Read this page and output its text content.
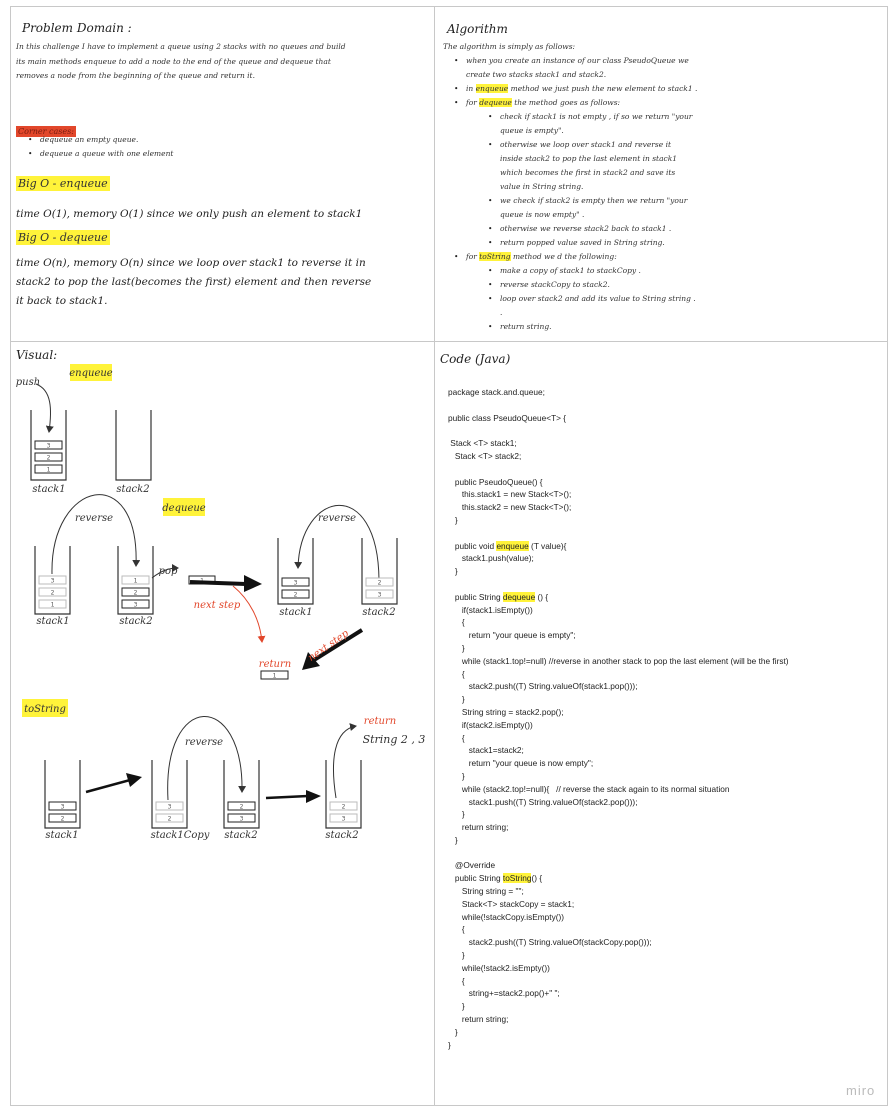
Problem Domain :
In this challenge I have to implement a queue using 2 stacks with no queues and build its main methods enqueue to add a node to the end of the queue and dequeue that removes a node from the beginning of the queue and return it.
Corner cases:
• dequeue an empty queue.
• dequeue a queue with one element
Big O - enqueue
time O(1), memory O(1) since we only push an element to stack1
Big O - dequeue
time O(n), memory O(n) since we loop over stack1 to reverse it in stack2 to pop the last(becomes the first) element and then reverse it back to stack1.
Algorithm
The algorithm is simply as follows:
• when you create an instance of our class PseudoQueue we create two stacks stack1 and stack2.
• in enqueue method we just push the new element to stack1 .
• for dequeue the method goes as follows:
• check if stack1 is not empty , if so we return "your queue is empty".
• otherwise we loop over stack1 and reverse it inside stack2 to pop the last element in stack1 which becomes the first in stack2 and save its value in String string.
• we check if stack2 is empty then we return "your queue is now empty" .
• otherwise we reverse stack2 back to stack1 .
• return popped value saved in String string.
• for toString method we d the following:
• make a copy of stack1 to stackCopy .
• reverse stackCopy to stack2.
• loop over stack2 and add its value to String string .
.
• return string.
Visual:
enqueue
push
3
2
1
stack1	stack2
dequeue
reverse
3
2
1
stack1
1
2
3
stack2
pop
next step
reverse
3
2
stack1
2
3
stack2
next step
return
1
toString
3
2
stack1
3
2
stack1Copy
reverse
2
3
stack2
2
3
stack2
return
String 2 , 3
Code (Java)
package stack.and.queue;
public class PseudoQueue<T> {
Stack <T> stack1;
Stack <T> stack2;
public PseudoQueue() {
this.stack1 = new Stack<T>();
this.stack2 = new Stack<T>();
}
public void enqueue (T value){
stack1.push(value);
}
public String dequeue () {
if(stack1.isEmpty())
{
return "your queue is empty";
}
while (stack1.top!=null) //reverse in another stack to pop the last element (will be the first)
{
stack2.push((T) String.valueOf(stack1.pop()));
}
String string = stack2.pop();
if(stack2.isEmpty())
{
stack1=stack2;
return "your queue is now empty";
}
while (stack2.top!=null){   // reverse the stack again to its normal situation
stack1.push((T) String.valueOf(stack2.pop()));
}
return string;
}
@Override
public String toString() {
String string = "";
Stack<T> stackCopy = stack1;
while(!stackCopy.isEmpty())
{
stack2.push((T) String.valueOf(stackCopy.pop()));
}
while(!stack2.isEmpty())
{
string+=stack2.pop()+" ";
}
return string;
}
}
miro
